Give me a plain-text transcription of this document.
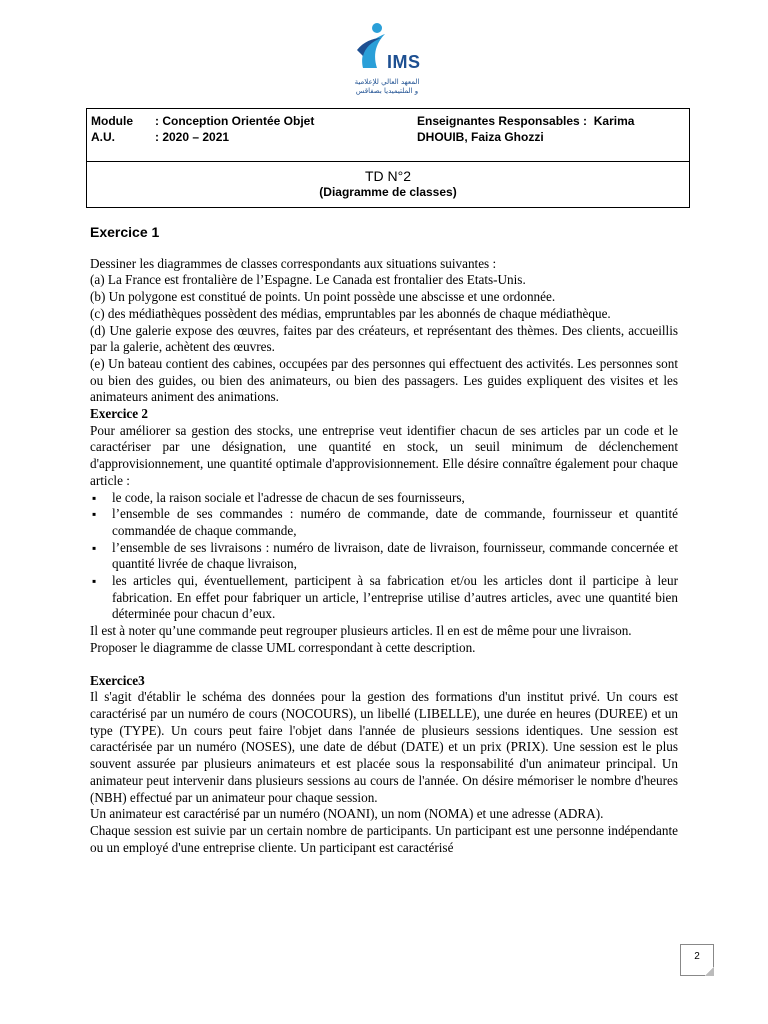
IMS
المعهد العالي للإعلامية
و الملتيميديا بصفاقس
Module : Conception Orientée Objet
A.U.	: 2020 – 2021
Enseignantes Responsables : Karima
DHOUIB, Faiza Ghozzi
TD N°2
(Diagramme de classes)
Exercice 1

Dessiner les diagrammes de classes correspondants aux situations suivantes :

(a) La France est frontalière de l’Espagne. Le Canada est frontalier des Etats-Unis.

(b) Un polygone est constitué de points. Un point possède une abscisse et une ordonnée.

(c) des médiathèques possèdent des médias, empruntables par les abonnés de chaque médiathèque.

(d) Une galerie expose des œuvres, faites par des créateurs, et représentant des thèmes. Des clients, accueillis par la galerie, achètent des œuvres.

(e) Un bateau contient des cabines, occupées par des personnes qui effectuent des activités. Les personnes sont ou bien des guides, ou bien des animateurs, ou bien des passagers. Les guides expliquent des visites et les animateurs animent des animations.

Exercice 2

Pour améliorer sa gestion des stocks, une entreprise veut identifier chacun de ses articles par un code et le caractériser par une désignation, une quantité en stock, un seuil minimum de déclenchement d'approvisionnement, une quantité optimale d'approvisionnement. Elle désire connaître également pour chaque article :

▪ le code, la raison sociale et l'adresse de chacun de ses fournisseurs,
▪ l’ensemble de ses commandes : numéro de commande, date de commande, fournisseur et quantité commandée de chaque commande,
▪ l’ensemble de ses livraisons : numéro de livraison, date de livraison, fournisseur, commande concernée et quantité livrée de chaque livraison,
▪ les articles qui, éventuellement, participent à sa fabrication et/ou les articles dont il participe à leur fabrication. En effet pour fabriquer un article, l’entreprise utilise d’autres articles, avec une quantité bien déterminée pour chacun d’eux.

Il est à noter qu’une commande peut regrouper plusieurs articles. Il en est de même pour une livraison.

Proposer le diagramme de classe UML correspondant à cette description.

Exercice3

Il s'agit d'établir le schéma des données pour la gestion des formations d'un institut privé. Un cours est caractérisé par un numéro de cours (NOCOURS), un libellé (LIBELLE), une durée en heures (DUREE) et un type (TYPE). Un cours peut faire l'objet dans l'année de plusieurs sessions identiques. Une session est caractérisée par un numéro (NOSES), une date de début (DATE) et un prix (PRIX). Une session est le plus souvent assurée par plusieurs animateurs et est placée sous la responsabilité d'un animateur principal. Un animateur peut intervenir dans plusieurs sessions au cours de l'année. On désire mémoriser le nombre d'heures (NBH) effectué par un animateur pour chaque session.

Un animateur est caractérisé par un numéro (NOANI), un nom (NOMA) et une adresse (ADRA).

Chaque session est suivie par un certain nombre de participants. Un participant est une personne indépendante ou un employé d'une entreprise cliente. Un participant est caractérisé

2
